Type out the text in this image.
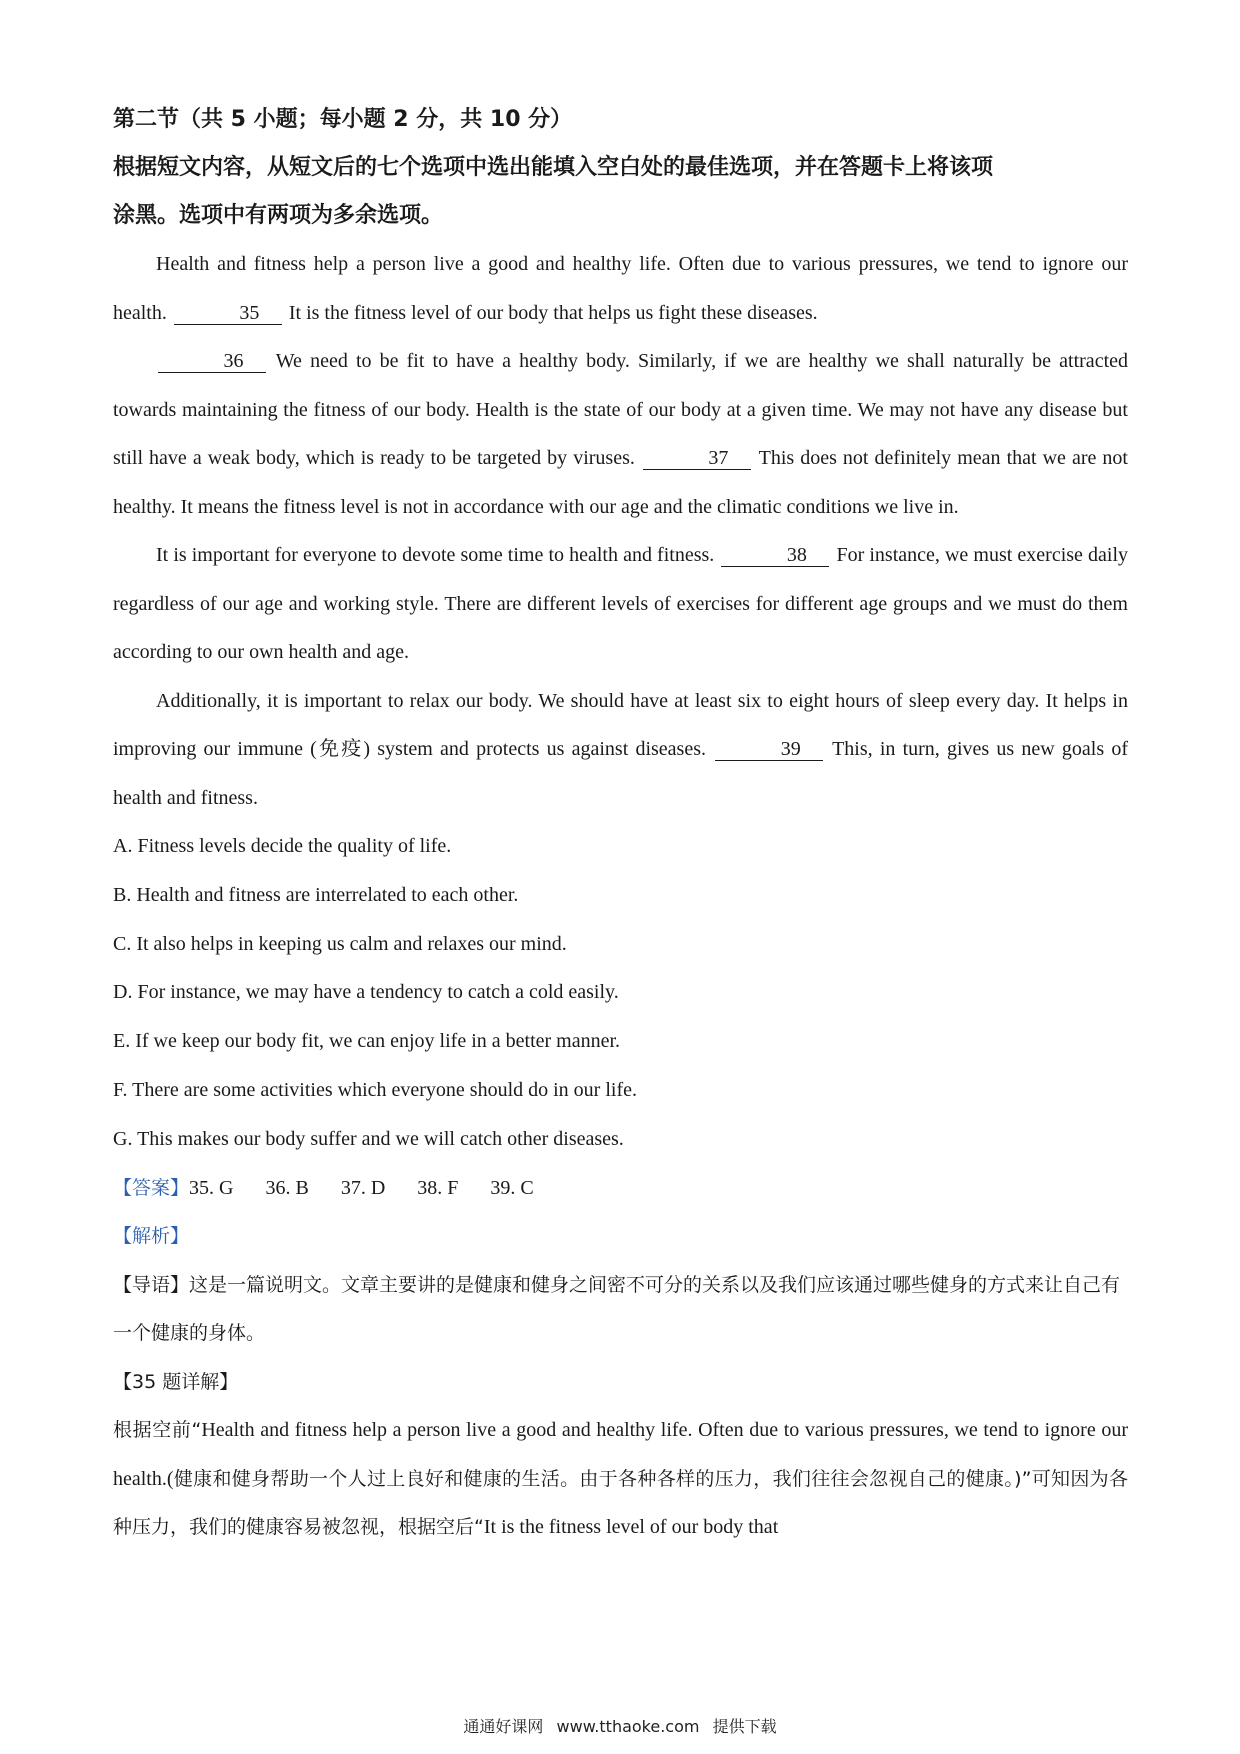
第二节（共 5 小题；每小题 2 分，共 10 分）

根据短文内容，从短文后的七个选项中选出能填入空白处的最佳选项，并在答题卡上将该项

涂黑。选项中有两项为多余选项。

Health and fitness help a person live a good and healthy life. Often due to various pressures, we tend to ignore our health.	35 It is the fitness level of our body that helps us fight these diseases.

36 We need to be fit to have a healthy body. Similarly, if we are healthy we shall naturally be attracted towards maintaining the fitness of our body. Health is the state of our body at a given time. We may not have any disease but still have a weak body, which is ready to be targeted by viruses.	37 This does not definitely mean that we are not healthy. It means the fitness level is not in accordance with our age and the climatic conditions we live in.

It is important for everyone to devote some time to health and fitness.	38 For instance, we must exercise daily regardless of our age and working style. There are different levels of exercises for different age groups and we must do them according to our own health and age.

Additionally, it is important to relax our body. We should have at least six to eight hours of sleep every day. It helps in improving our immune (免疫) system and protects us against diseases.	39 This, in turn, gives us new goals of health and fitness.

A. Fitness levels decide the quality of life.

B. Health and fitness are interrelated to each other.

C. It also helps in keeping us calm and relaxes our mind.

D. For instance, we may have a tendency to catch a cold easily.

E. If we keep our body fit, we can enjoy life in a better manner.

F. There are some activities which everyone should do in our life.

G. This makes our body suffer and we will catch other diseases.

【答案】35. G 36. B 37. D 38. F 39. C

【解析】

【导语】这是一篇说明文。文章主要讲的是健康和健身之间密不可分的关系以及我们应该通过哪些健身的方式来让自己有一个健康的身体。

【35 题详解】

根据空前“Health and fitness help a person live a good and healthy life. Often due to various pressures, we tend to ignore our health.(健康和健身帮助一个人过上良好和健康的生活。由于各种各样的压力，我们往往会忽视自己的健康。)”可知因为各种压力，我们的健康容易被忽视，根据空后“It is the fitness level of our body that

通通好课网 www.tthaoke.com 提供下载
